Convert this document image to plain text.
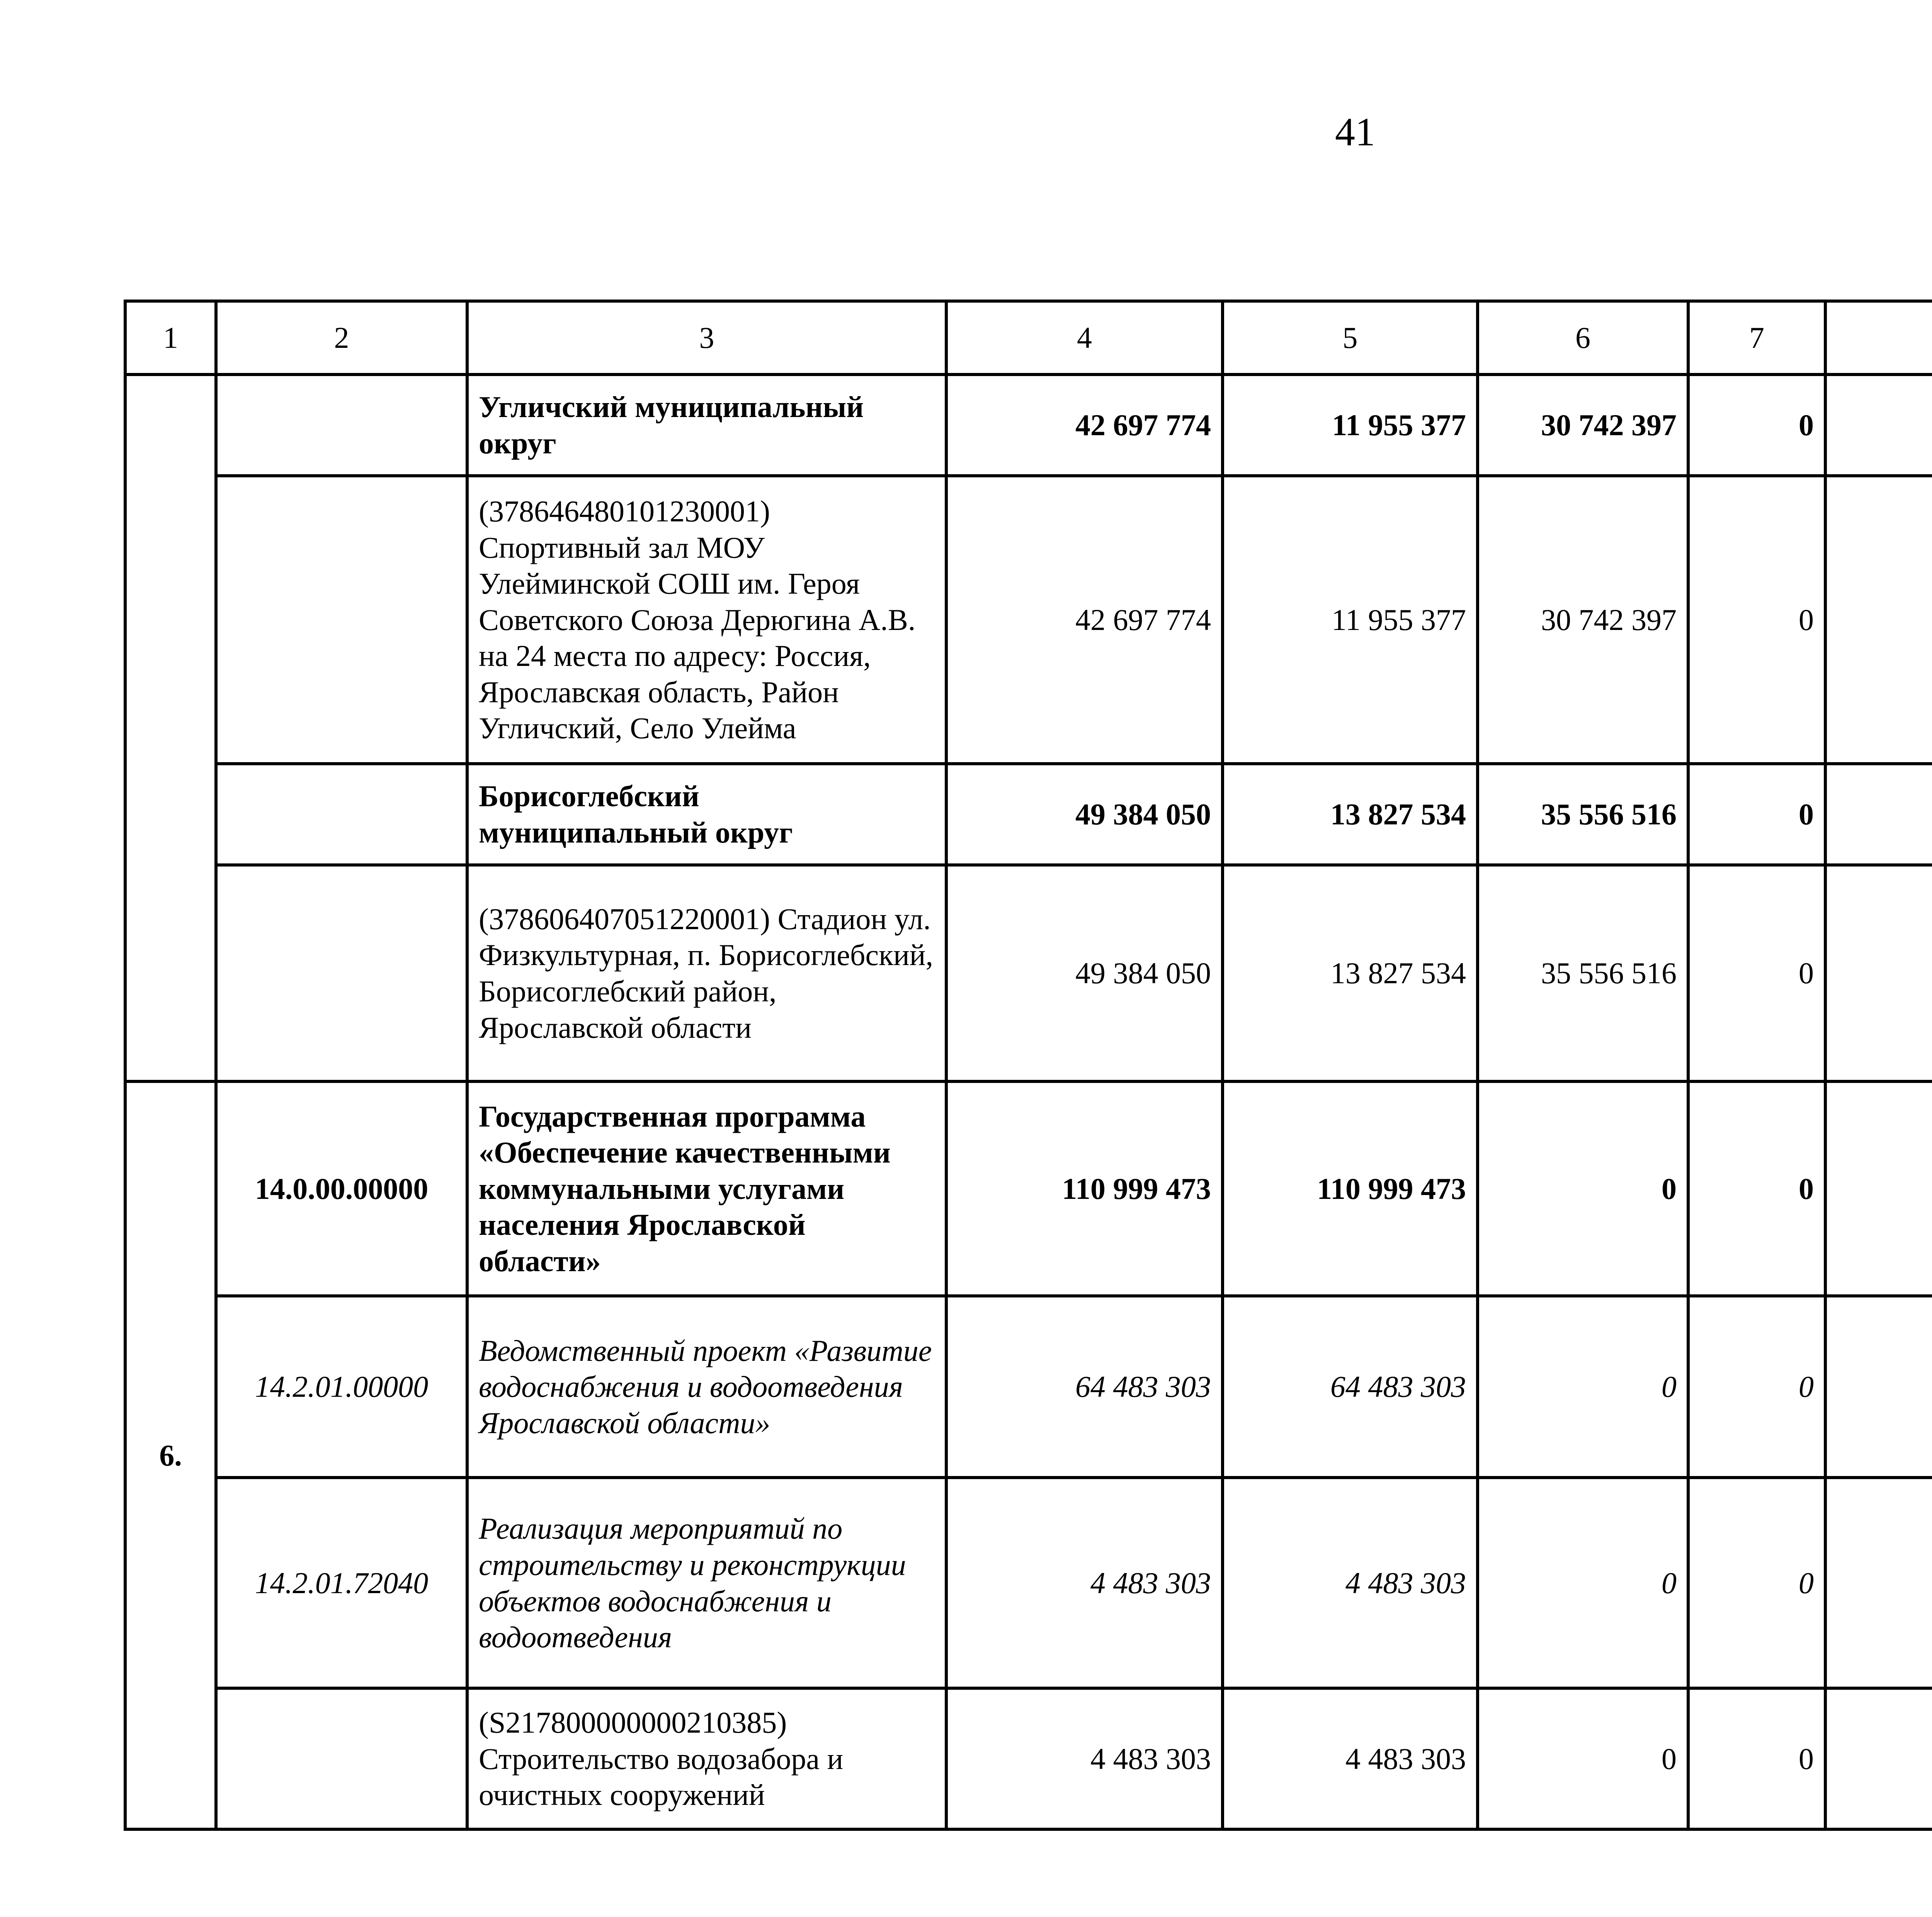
41
1	2	3	4	5	6	7				
		Угличский муниципальный округ	42 697 774	11 955 377	30 742 397	0				
		(378646480101230001) Спортивный зал МОУ Улейминской СОШ им. Героя Советского Союза Дерюгина А.В. на 24 места по адресу: Россия, Ярославская область, Район Угличский, Село Улейма	42 697 774	11 955 377	30 742 397	0				
		Борисоглебский муниципальный округ	49 384 050	13 827 534	35 556 516	0				
		(378606407051220001) Стадион ул. Физкультурная, п. Борисоглебский, Борисоглебский район, Ярославской области	49 384 050	13 827 534	35 556 516	0				
6.	14.0.00.00000	Государственная программа «Обеспечение качественными коммунальными услугами населения Ярославской области»	110 999 473	110 999 473	0	0				
	14.2.01.00000	Ведомственный проект «Развитие водоснабжения и водоотведения Ярославской области»	64 483 303	64 483 303	0	0				
	14.2.01.72040	Реализация мероприятий по строительству и реконструкции объектов водоснабжения и водоотведения	4 483 303	4 483 303	0	0				
		(S217800000000210385) Строительство водозабора и очистных сооружений	4 483 303	4 483 303	0	0				
